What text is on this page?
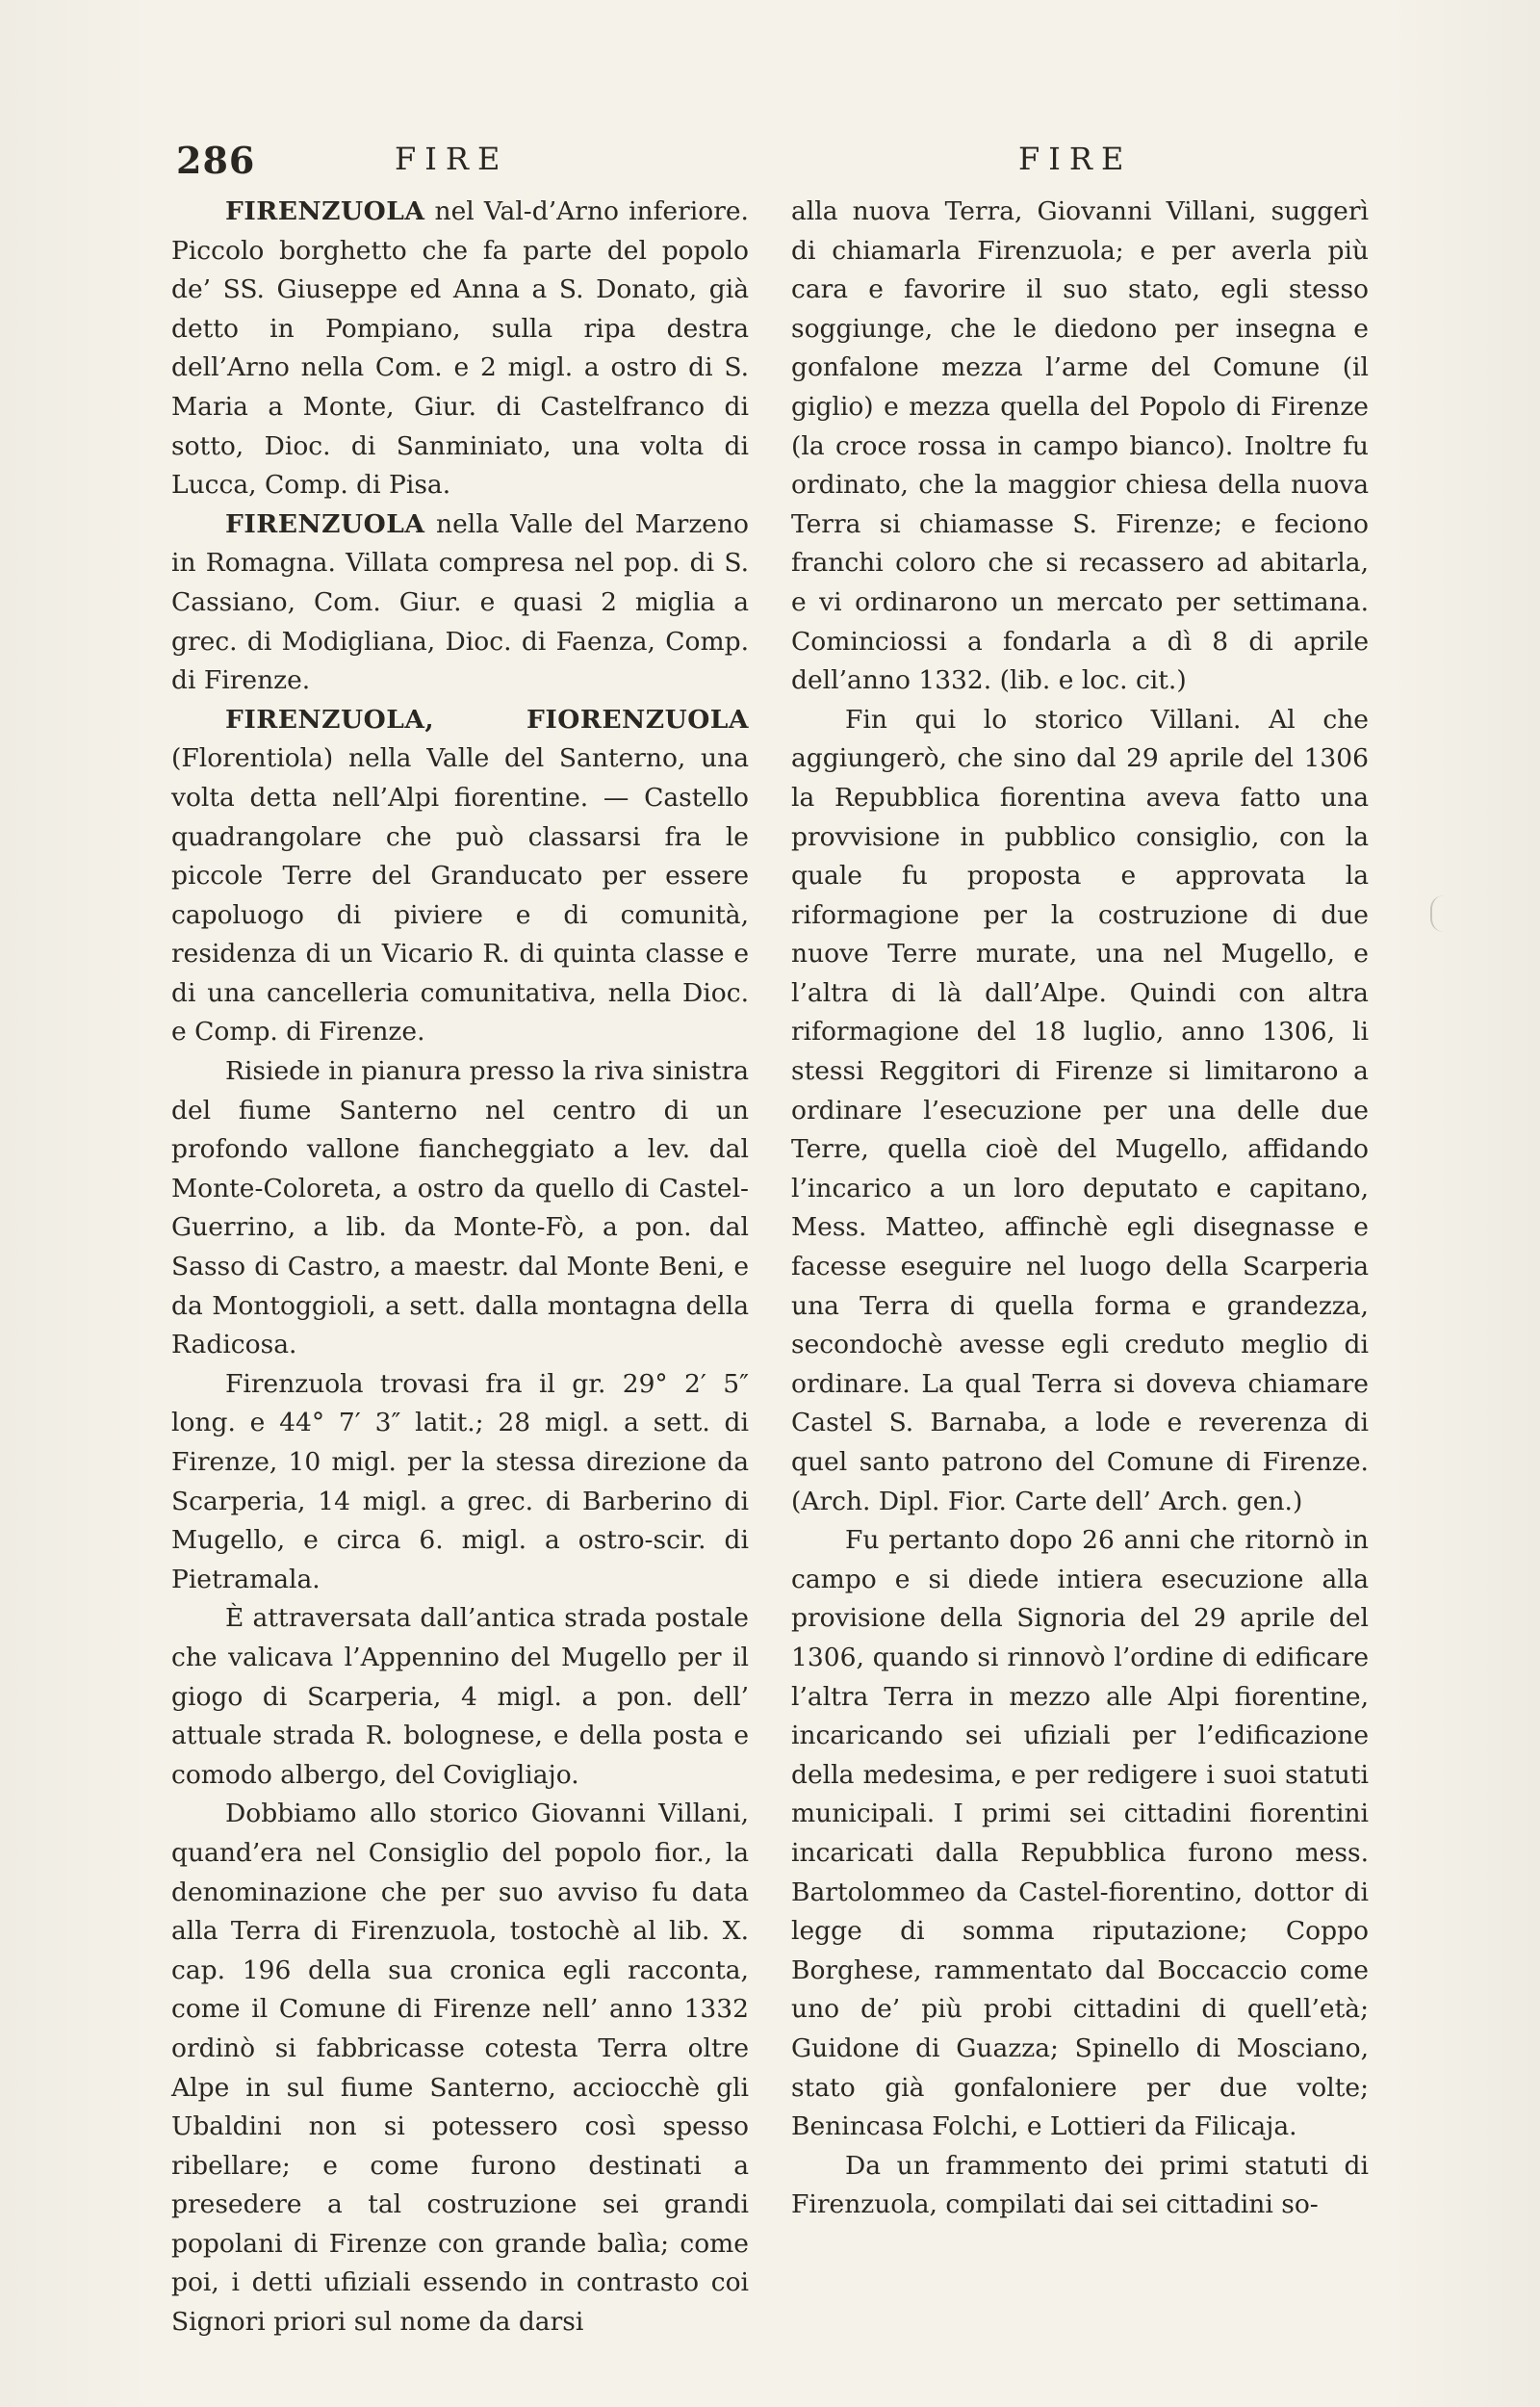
286	FIRE	FIRE

FIRENZUOLA nel Val-d’Arno inferiore. Piccolo borghetto che fa parte del popolo de’ SS. Giuseppe ed Anna a S. Donato, già detto in Pompiano, sulla ripa destra dell’Arno nella Com. e 2 migl. a ostro di S. Maria a Monte, Giur. di Castelfranco di sotto, Dioc. di Sanminiato, una volta di Lucca, Comp. di Pisa.

FIRENZUOLA nella Valle del Marzeno in Romagna. Villata compresa nel pop. di S. Cassiano, Com. Giur. e quasi 2 miglia a grec. di Modigliana, Dioc. di Faenza, Comp. di Firenze.

FIRENZUOLA, FIORENZUOLA (Florentiola) nella Valle del Santerno, una volta detta nell’Alpi fiorentine. — Castello quadrangolare che può classarsi fra le piccole Terre del Granducato per essere capoluogo di piviere e di comunità, residenza di un Vicario R. di quinta classe e di una cancelleria comunitativa, nella Dioc. e Comp. di Firenze.

Risiede in pianura presso la riva sinistra del fiume Santerno nel centro di un profondo vallone fiancheggiato a lev. dal Monte-Coloreta, a ostro da quello di Castel-Guerrino, a lib. da Monte-Fò, a pon. dal Sasso di Castro, a maestr. dal Monte Beni, e da Montoggioli, a sett. dalla montagna della Radicosa.

Firenzuola trovasi fra il gr. 29° 2′ 5″ long. e 44° 7′ 3″ latit.; 28 migl. a sett. di Firenze, 10 migl. per la stessa direzione da Scarperia, 14 migl. a grec. di Barberino di Mugello, e circa 6. migl. a ostro-scir. di Pietramala.

È attraversata dall’antica strada postale che valicava l’Appennino del Mugello per il giogo di Scarperia, 4 migl. a pon. dell’ attuale strada R. bolognese, e della posta e comodo albergo, del Covigliajo.

Dobbiamo allo storico Giovanni Villani, quand’era nel Consiglio del popolo fior., la denominazione che per suo avviso fu data alla Terra di Firenzuola, tostochè al lib. X. cap. 196 della sua cronica egli racconta, come il Comune di Firenze nell’ anno 1332 ordinò si fabbricasse cotesta Terra oltre Alpe in sul fiume Santerno, acciocchè gli Ubaldini non si potessero così spesso ribellare; e come furono destinati a presedere a tal costruzione sei grandi popolani di Firenze con grande balìa; come poi, i detti ufiziali essendo in contrasto coi Signori priori sul nome da darsi

alla nuova Terra, Giovanni Villani, suggerì di chiamarla Firenzuola; e per averla più cara e favorire il suo stato, egli stesso soggiunge, che le diedono per insegna e gonfalone mezza l’arme del Comune (il giglio) e mezza quella del Popolo di Firenze (la croce rossa in campo bianco). Inoltre fu ordinato, che la maggior chiesa della nuova Terra si chiamasse S. Firenze; e feciono franchi coloro che si recassero ad abitarla, e vi ordinarono un mercato per settimana. Cominciossi a fondarla a dì 8 di aprile dell’anno 1332. (lib. e loc. cit.)

Fin qui lo storico Villani. Al che aggiungerò, che sino dal 29 aprile del 1306 la Repubblica fiorentina aveva fatto una provvisione in pubblico consiglio, con la quale fu proposta e approvata la riformagione per la costruzione di due nuove Terre murate, una nel Mugello, e l’altra di là dall’Alpe. Quindi con altra riformagione del 18 luglio, anno 1306, li stessi Reggitori di Firenze si limitarono a ordinare l’esecuzione per una delle due Terre, quella cioè del Mugello, affidando l’incarico a un loro deputato e capitano, Mess. Matteo, affinchè egli disegnasse e facesse eseguire nel luogo della Scarperia una Terra di quella forma e grandezza, secondochè avesse egli creduto meglio di ordinare. La qual Terra si doveva chiamare Castel S. Barnaba, a lode e reverenza di quel santo patrono del Comune di Firenze. (Arch. Dipl. Fior. Carte dell’ Arch. gen.)

Fu pertanto dopo 26 anni che ritornò in campo e si diede intiera esecuzione alla provisione della Signoria del 29 aprile del 1306, quando si rinnovò l’ordine di edificare l’altra Terra in mezzo alle Alpi fiorentine, incaricando sei ufiziali per l’edificazione della medesima, e per redigere i suoi statuti municipali. I primi sei cittadini fiorentini incaricati dalla Repubblica furono mess. Bartolommeo da Castel-fiorentino, dottor di legge di somma riputazione; Coppo Borghese, rammentato dal Boccaccio come uno de’ più probi cittadini di quell’età; Guidone di Guazza; Spinello di Mosciano, stato già gonfaloniere per due volte; Benincasa Folchi, e Lottieri da Filicaja.

Da un frammento dei primi statuti di Firenzuola, compilati dai sei cittadini so-
